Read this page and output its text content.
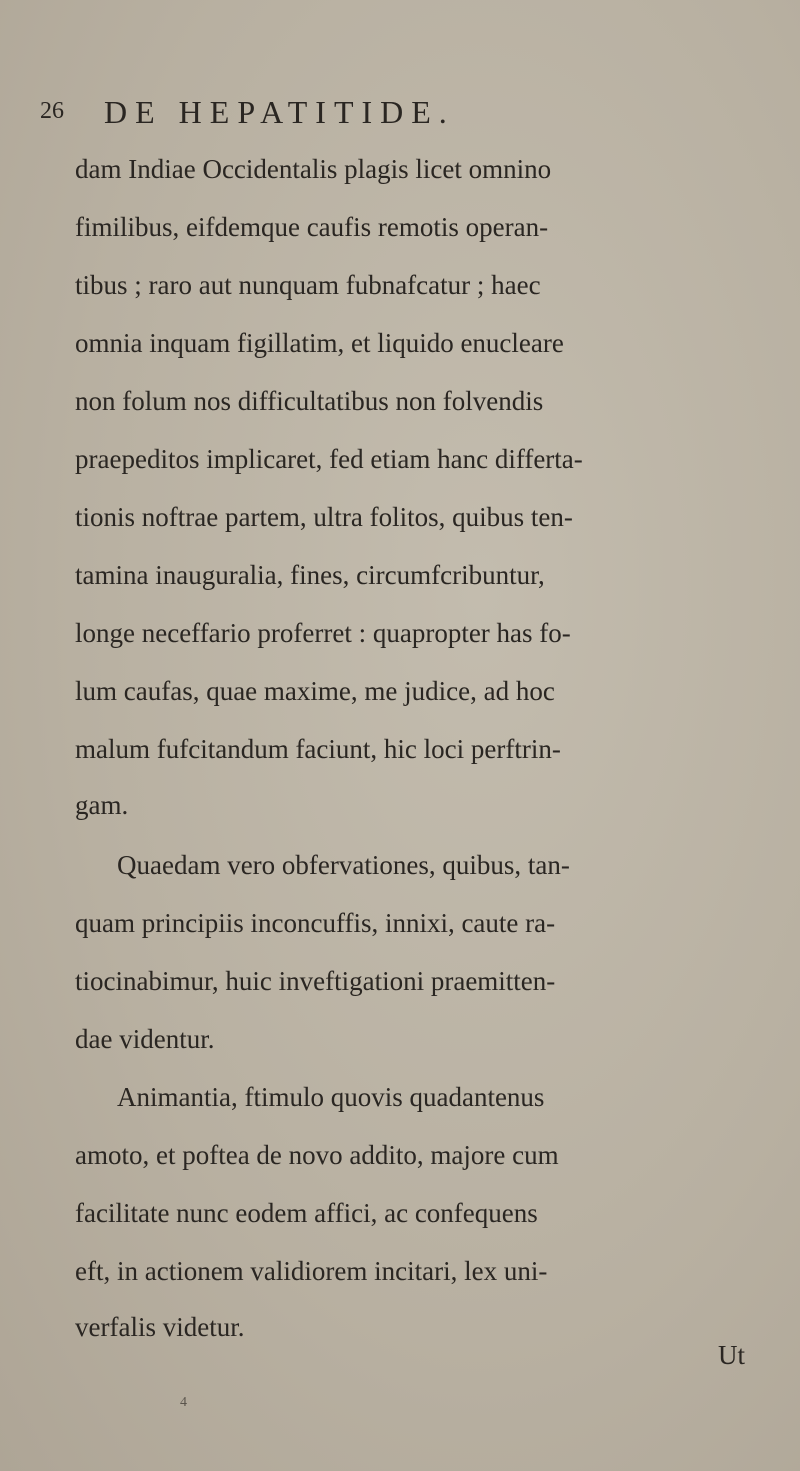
26 DE HEPATITIDE.
dam Indiae Occidentalis plagis licet omnino
fimilibus, eifdemque caufis remotis operan-
tibus ; raro aut nunquam fubnafcatur ; haec
omnia inquam figillatim, et liquido enucleare
non folum nos difficultatibus non folvendis
praepeditos implicaret, fed etiam hanc differta-
tionis noftrae partem, ultra folitos, quibus ten-
tamina inauguralia, fines, circumfcribuntur,
longe neceffario proferret : quapropter has fo-
lum caufas, quae maxime, me judice, ad hoc
malum fufcitandum faciunt, hic loci perftrin-
gam.
Quaedam vero obfervationes, quibus, tan-
quam principiis inconcuffis, innixi, caute ra-
tiocinabimur, huic inveftigationi praemitten-
dae videntur.
Animantia, ftimulo quovis quadantenus
amoto, et poftea de novo addito, majore cum
facilitate nunc eodem affici, ac confequens
eft, in actionem validiorem incitari, lex uni-
verfalis videtur.
Ut
4
